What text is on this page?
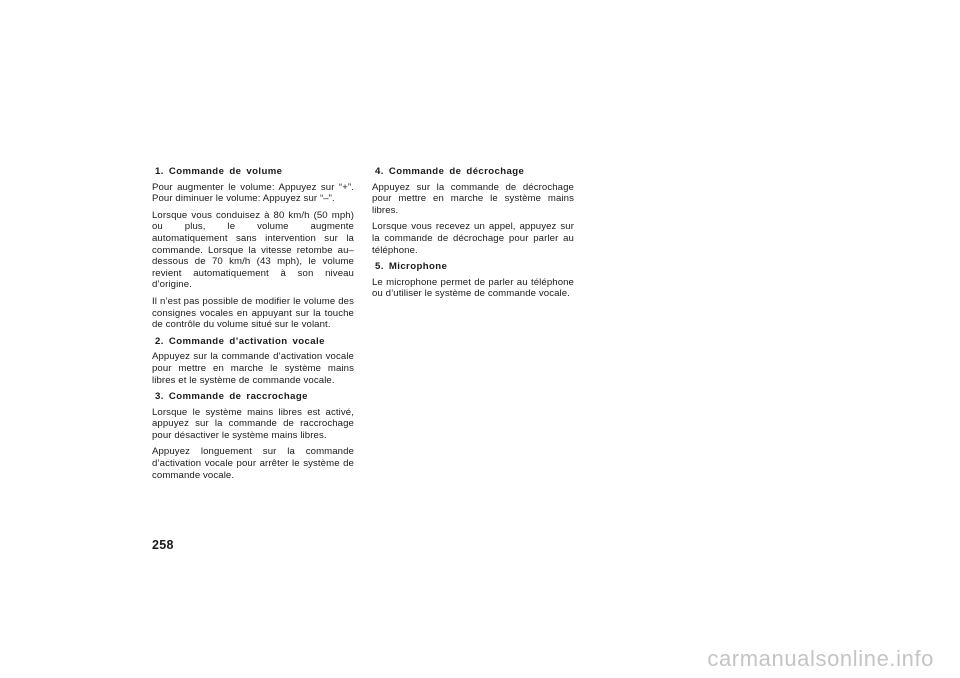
1. Commande de volume

Pour augmenter le volume: Appuyez sur “+”. Pour diminuer le volume: Appuyez sur “–”.

Lorsque vous conduisez à 80 km/h (50 mph) ou plus, le volume augmente automatiquement sans intervention sur la commande. Lorsque la vitesse retombe au–dessous de 70 km/h (43 mph), le volume revient automatiquement à son niveau d’origine.

Il n’est pas possible de modifier le volume des consignes vocales en appuyant sur la touche de contrôle du volume situé sur le volant.

2. Commande d’activation vocale

Appuyez sur la commande d’activation vocale pour mettre en marche le système mains libres et le système de commande vocale.

3. Commande de raccrochage

Lorsque le système mains libres est activé, appuyez sur la commande de raccrochage pour désactiver le système mains libres.

Appuyez longuement sur la commande d’activation vocale pour arrêter le système de commande vocale.

4. Commande de décrochage

Appuyez sur la commande de décrochage pour mettre en marche le système mains libres.

Lorsque vous recevez un appel, appuyez sur la commande de décrochage pour parler au téléphone.

5. Microphone

Le microphone permet de parler au téléphone ou d’utiliser le système de commande vocale.

258
carmanualsonline.info
